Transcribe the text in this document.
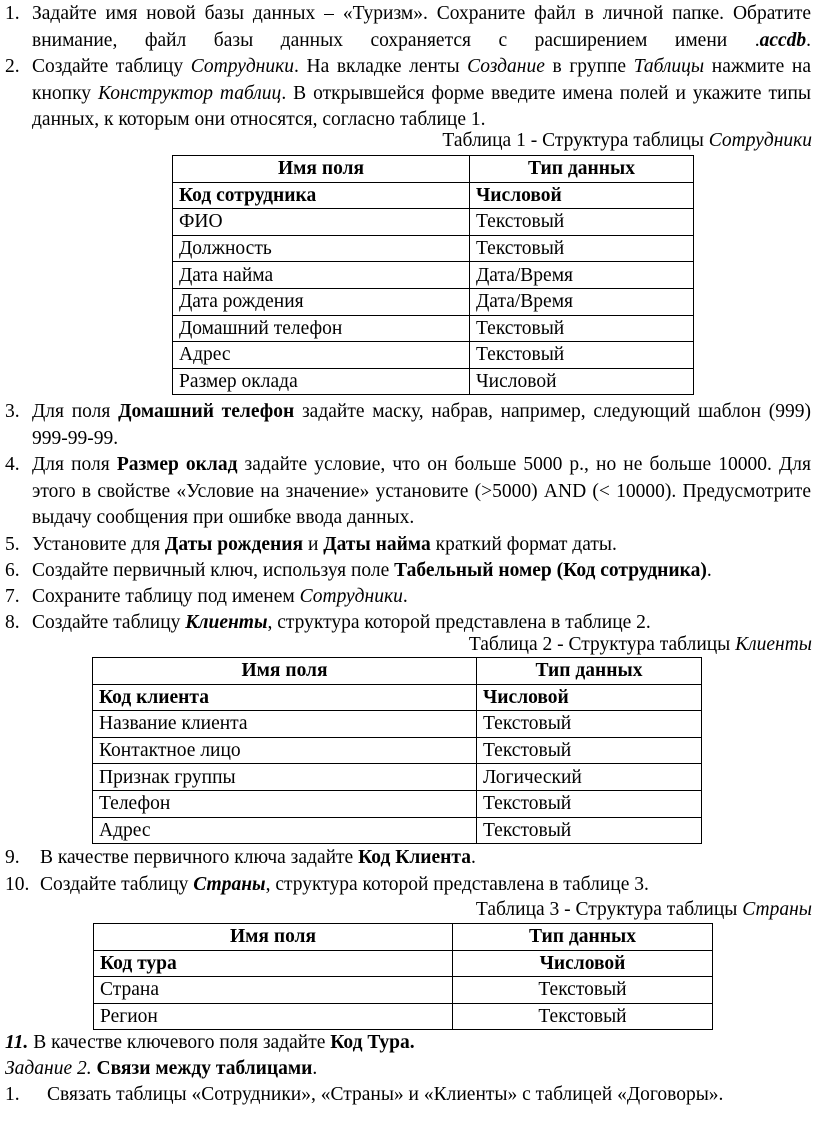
1. Задайте имя новой базы данных – «Туризм». Сохраните файл в личной папке. Обратите внимание, файл базы данных сохраняется с расширением имени .accdb.
2. Создайте таблицу Сотрудники. На вкладке ленты Создание в группе Таблицы нажмите на кнопку Конструктор таблиц. В открывшейся форме введите имена полей и укажите типы данных, к которым они относятся, согласно таблице 1.
Таблица 1 - Структура таблицы Сотрудники
Имя поля	Тип данных
Код сотрудника	Числовой
ФИО	Текстовый
Должность	Текстовый
Дата найма	Дата/Время
Дата рождения	Дата/Время
Домашний телефон	Текстовый
Адрес	Текстовый
Размер оклада	Числовой
3. Для поля Домашний телефон задайте маску, набрав, например, следующий шаблон (999) 999-99-99.
4. Для поля Размер оклад задайте условие, что он больше 5000 р., но не больше 10000. Для этого в свойстве «Условие на значение» установите (>5000) AND (< 10000). Предусмотрите выдачу сообщения при ошибке ввода данных.
5. Установите для Даты рождения и Даты найма краткий формат даты.
6. Создайте первичный ключ, используя поле Табельный номер (Код сотрудника).
7. Сохраните таблицу под именем Сотрудники.
8. Создайте таблицу Клиенты, структура которой представлена в таблице 2.
Таблица 2 - Структура таблицы Клиенты
Имя поля	Тип данных
Код клиента	Числовой
Название клиента	Текстовый
Контактное лицо	Текстовый
Признак группы	Логический
Телефон	Текстовый
Адрес	Текстовый
9. В качестве первичного ключа задайте Код Клиента.
10. Создайте таблицу Страны, структура которой представлена в таблице 3.
Таблица 3 - Структура таблицы Страны
Имя поля	Тип данных
Код тура	Числовой
Страна	Текстовый
Регион	Текстовый
11. В качестве ключевого поля задайте Код Тура.
Задание 2. Связи между таблицами.
1. Связать таблицы «Сотрудники», «Страны» и «Клиенты» с таблицей «Договоры».
